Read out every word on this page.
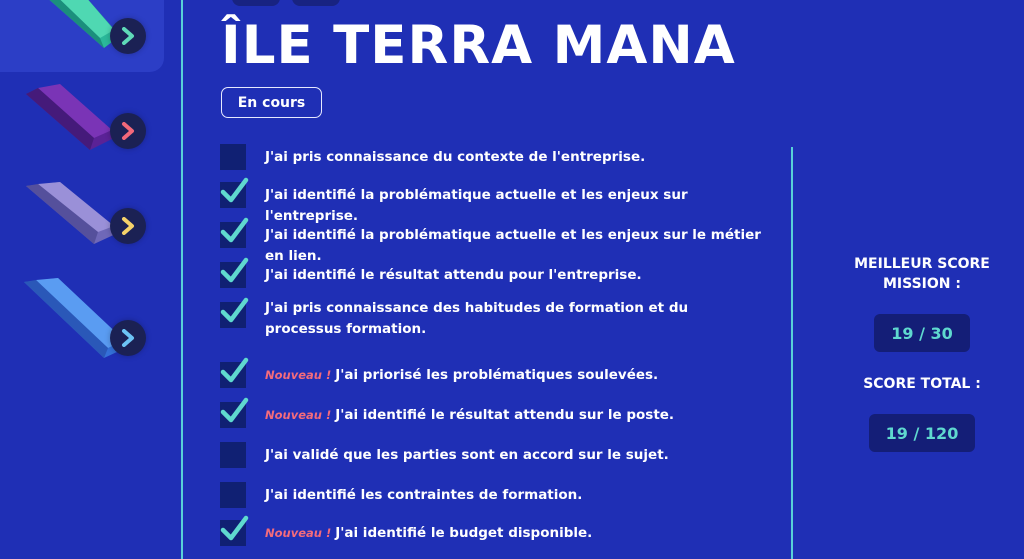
ÎLE TERRA MANA
En cours
J'ai pris connaissance du contexte de l'entreprise.
J'ai identifié la problématique actuelle et les enjeux sur l'entreprise.
J'ai identifié la problématique actuelle et les enjeux sur le métier en lien.
J'ai identifié le résultat attendu pour l'entreprise.
J'ai pris connaissance des habitudes de formation et du processus formation.
Nouveau ! J'ai priorisé les problématiques soulevées.
Nouveau ! J'ai identifié le résultat attendu sur le poste.
J'ai validé que les parties sont en accord sur le sujet.
J'ai identifié les contraintes de formation.
Nouveau ! J'ai identifié le budget disponible.
MEILLEUR SCORE MISSION :
19 / 30
SCORE TOTAL :
19 / 120
